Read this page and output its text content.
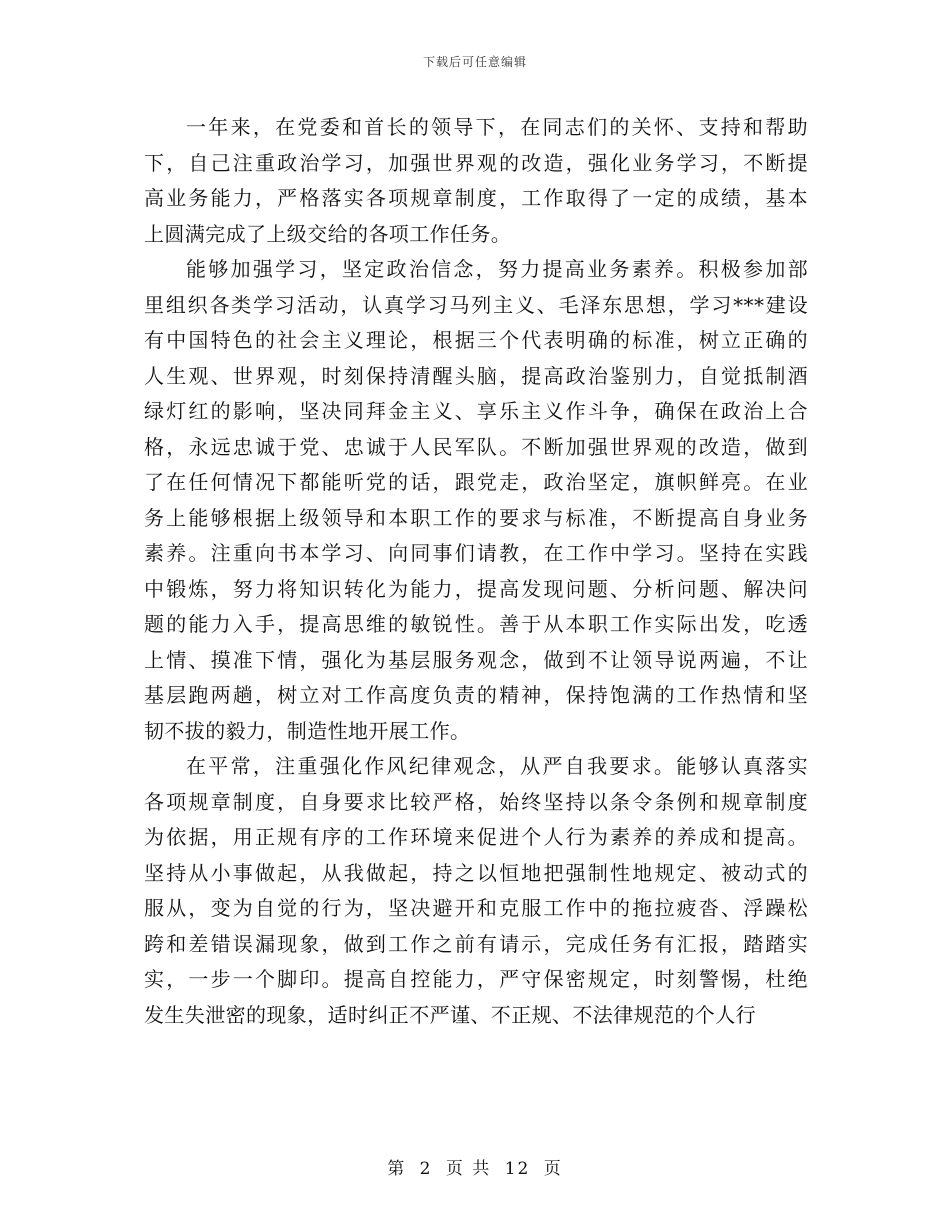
下载后可任意编辑
一年来，在党委和首长的领导下，在同志们的关怀、支持和帮助
下，自己注重政治学习，加强世界观的改造，强化业务学习，不断提
高业务能力，严格落实各项规章制度，工作取得了一定的成绩，基本
上圆满完成了上级交给的各项工作任务。
能够加强学习，坚定政治信念，努力提高业务素养。积极参加部
里组织各类学习活动，认真学习马列主义、毛泽东思想，学习***建设
有中国特色的社会主义理论，根据三个代表明确的标准，树立正确的
人生观、世界观，时刻保持清醒头脑，提高政治鉴别力，自觉抵制酒
绿灯红的影响，坚决同拜金主义、享乐主义作斗争，确保在政治上合
格，永远忠诚于党、忠诚于人民军队。不断加强世界观的改造，做到
了在任何情况下都能听党的话，跟党走，政治坚定，旗帜鲜亮。在业
务上能够根据上级领导和本职工作的要求与标准，不断提高自身业务
素养。注重向书本学习、向同事们请教，在工作中学习。坚持在实践
中锻炼，努力将知识转化为能力，提高发现问题、分析问题、解决问
题的能力入手，提高思维的敏锐性。善于从本职工作实际出发，吃透
上情、摸准下情，强化为基层服务观念，做到不让领导说两遍，不让
基层跑两趟，树立对工作高度负责的精神，保持饱满的工作热情和坚
韧不拔的毅力，制造性地开展工作。
在平常，注重强化作风纪律观念，从严自我要求。能够认真落实
各项规章制度，自身要求比较严格，始终坚持以条令条例和规章制度
为依据，用正规有序的工作环境来促进个人行为素养的养成和提高。
坚持从小事做起，从我做起，持之以恒地把强制性地规定、被动式的
服从，变为自觉的行为，坚决避开和克服工作中的拖拉疲沓、浮躁松
跨和差错误漏现象，做到工作之前有请示，完成任务有汇报，踏踏实
实，一步一个脚印。提高自控能力，严守保密规定，时刻警惕，杜绝
发生失泄密的现象，适时纠正不严谨、不正规、不法律规范的个人行
第 2 页 共 12 页
